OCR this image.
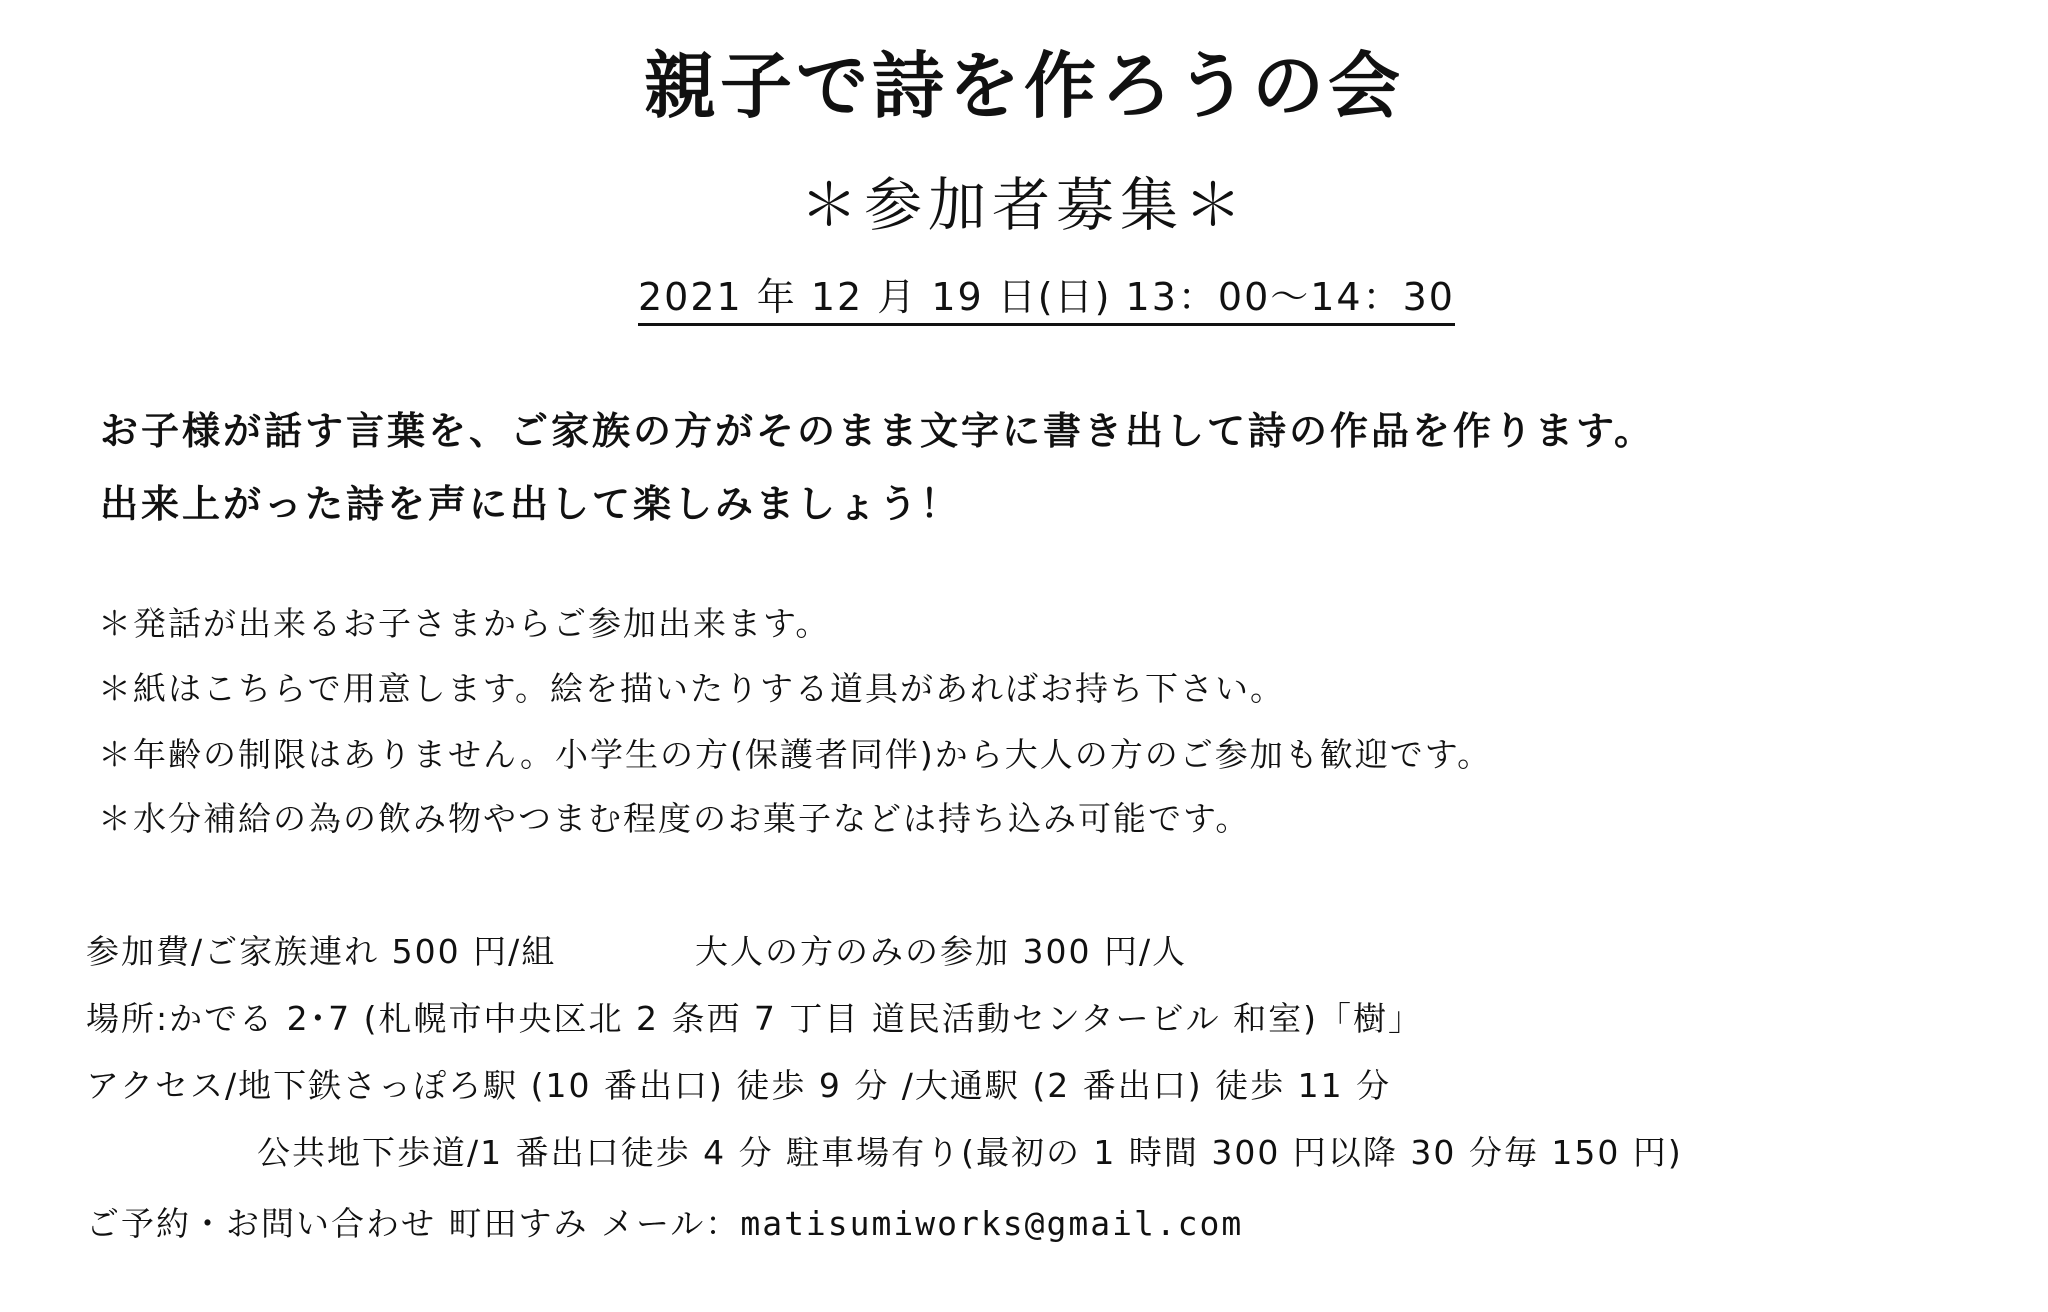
親子で詩を作ろうの会
＊参加者募集＊
2021 年 12 月 19 日(日) 13：00〜14：30
お子様が話す言葉を、ご家族の方がそのまま文字に書き出して詩の作品を作ります。
出来上がった詩を声に出して楽しみましょう！
＊発話が出来るお子さまからご参加出来ます。
＊紙はこちらで用意します。絵を描いたりする道具があればお持ち下さい。
＊年齢の制限はありません。小学生の方(保護者同伴)から大人の方のご参加も歓迎です。
＊水分補給の為の飲み物やつまむ程度のお菓子などは持ち込み可能です。
参加費/ご家族連れ 500 円/組	大人の方のみの参加 300 円/人
場所:かでる 2･7 (札幌市中央区北 2 条西 7 丁目 道民活動センタービル 和室)「樹」
アクセス/地下鉄さっぽろ駅 (10 番出口) 徒歩 9 分 /大通駅 (2 番出口) 徒歩 11 分
公共地下歩道/1 番出口徒歩 4 分 駐車場有り(最初の 1 時間 300 円以降 30 分毎 150 円)
ご予約・お問い合わせ 町田すみ メール：matisumiworks@gmail.com
